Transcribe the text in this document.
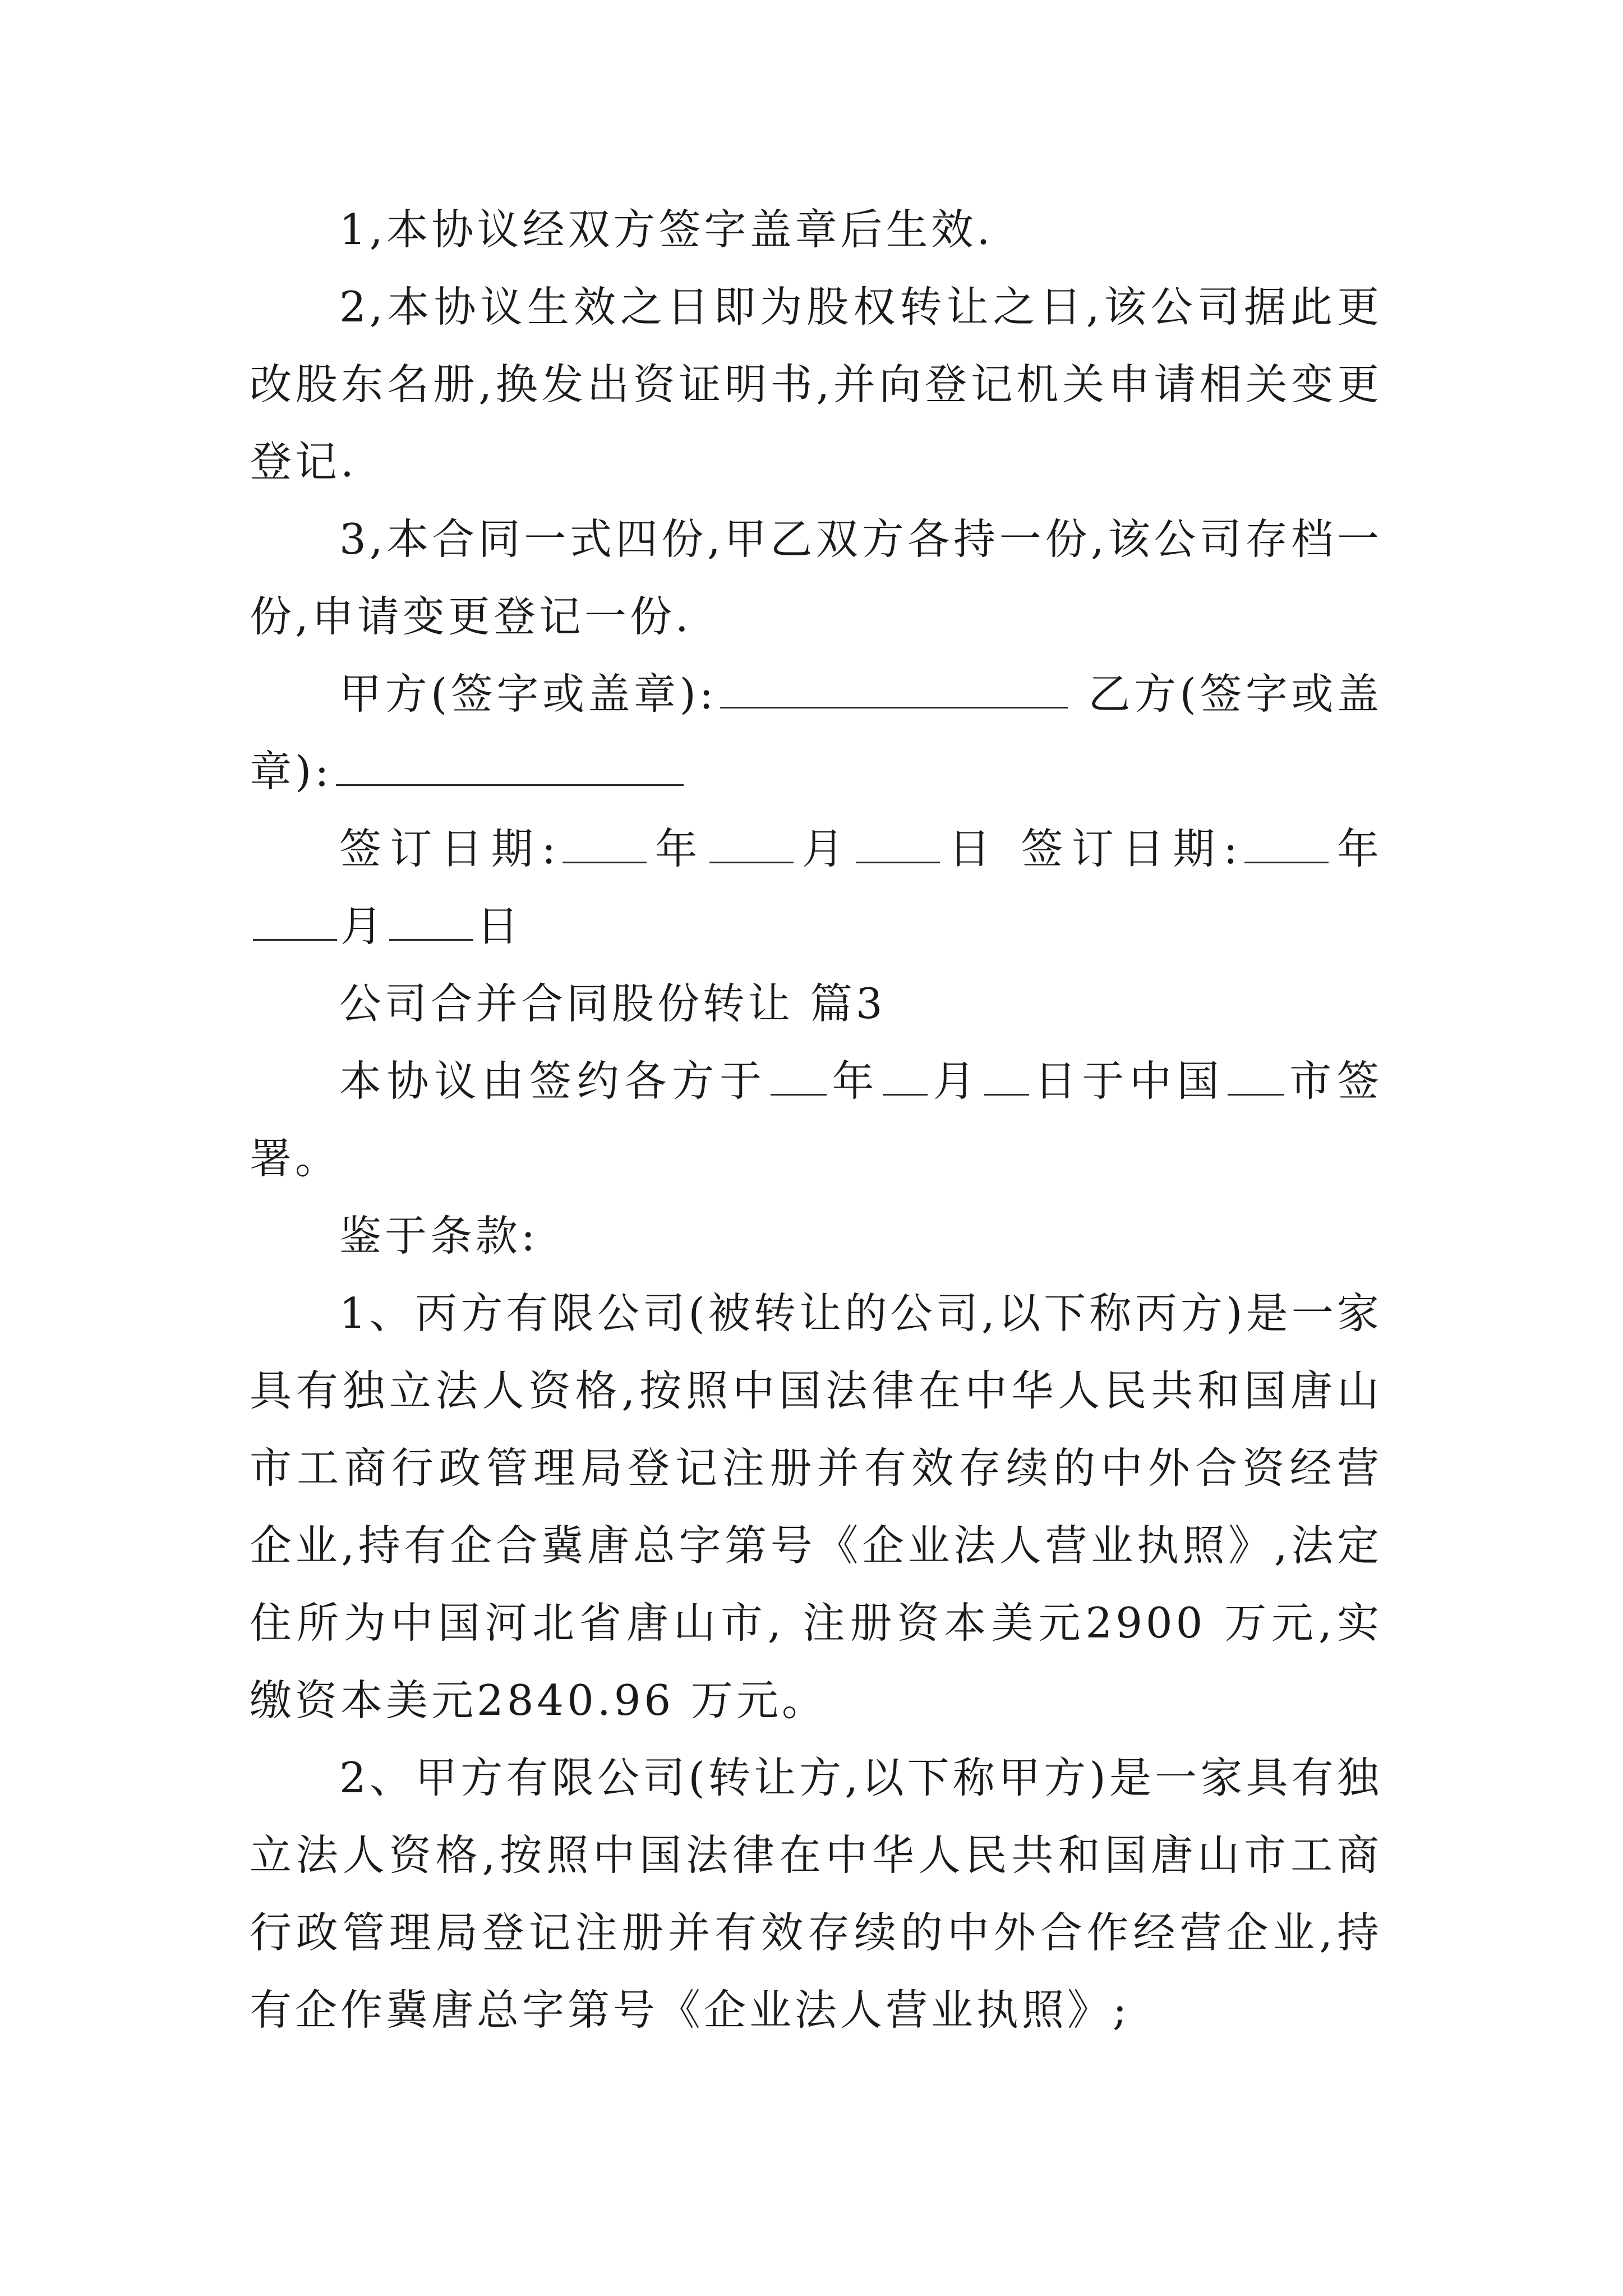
1,本协议经双方签字盖章后生效.

2,本协议生效之日即为股权转让之日,该公司据此更改股东名册,换发出资证明书,并向登记机关申请相关变更登记.

3,本合同一式四份,甲乙双方各持一份,该公司存档一份,申请变更登记一份.

甲方(签字或盖章):	乙方(签字或盖章):

签订日期: 年 月 日 签订日期: 年月 日

公司合并合同股份转让 篇3

本协议由签约各方于 年 月 日于中国 市签署。

鉴于条款:

1、丙方有限公司(被转让的公司,以下称丙方)是一家具有独立法人资格,按照中国法律在中华人民共和国唐山市工商行政管理局登记注册并有效存续的中外合资经营企业,持有企合冀唐总字第号《企业法人营业执照》,法定住所为中国河北省唐山市, 注册资本美元2900 万元,实缴资本美元2840.96 万元。

2、甲方有限公司(转让方,以下称甲方)是一家具有独立法人资格,按照中国法律在中华人民共和国唐山市工商行政管理局登记注册并有效存续的中外合作经营企业,持有企作冀唐总字第号《企业法人营业执照》;
